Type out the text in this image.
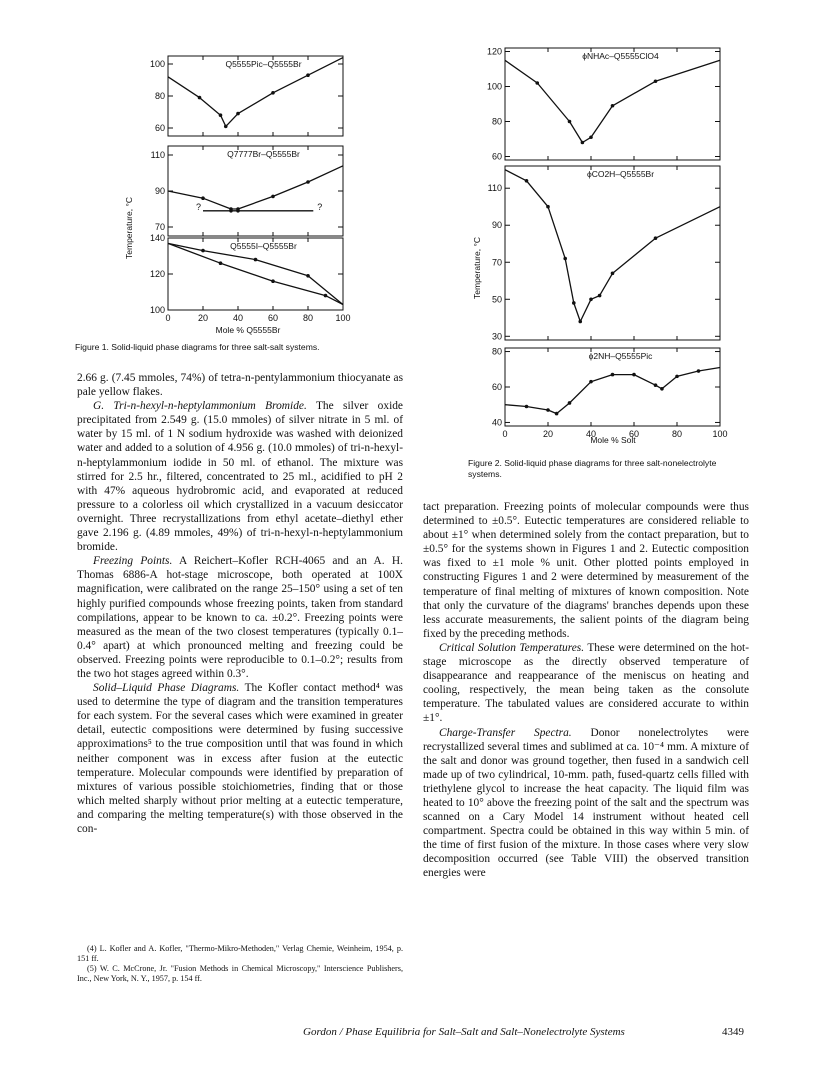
Temperature, °C
100
80
60
Q5555Pic–Q5555Br
110
90
70
Q7777Br–Q5555Br
?	?
140
120
100
0	20	40	60	80 100
Q5555I–Q5555Br
Mole % Q5555Br
Figure 1. Solid-liquid phase diagrams for three salt-salt systems.
Temperature, °C
120
100
80
60
ϕNHAc–Q5555ClO4
110
90
70
50
30
ϕCO2H–Q5555Br
80
60
40
0	20	40	60	80	100
ϕ2NH–Q5555Pic
Mole % Solt
Figure 2. Solid-liquid phase diagrams for three salt-nonelectrolyte systems.

2.66 g. (7.45 mmoles, 74%) of tetra-n-pentylammonium thiocyanate as pale yellow flakes.

G. Tri-n-hexyl-n-heptylammonium Bromide. The silver oxide precipitated from 2.549 g. (15.0 mmoles) of silver nitrate in 5 ml. of water by 15 ml. of 1 N sodium hydroxide was washed with deionized water and added to a solution of 4.956 g. (10.0 mmoles) of tri-n-hexyl-n-heptylammonium iodide in 50 ml. of ethanol. The mixture was stirred for 2.5 hr., filtered, concentrated to 25 ml., acidified to pH 2 with 47% aqueous hydrobromic acid, and evaporated at reduced pressure to a colorless oil which crystallized in a vacuum desiccator overnight. Three recrystallizations from ethyl acetate–diethyl ether gave 2.196 g. (4.89 mmoles, 49%) of tri-n-hexyl-n-heptylammonium bromide.

Freezing Points. A Reichert–Kofler RCH-4065 and an A. H. Thomas 6886-A hot-stage microscope, both operated at 100X magnification, were calibrated on the range 25–150° using a set of ten highly purified compounds whose freezing points, taken from standard compilations, appear to be known to ca. ±0.2°. Freezing points were measured as the mean of the two closest temperatures (typically 0.1–0.4° apart) at which pronounced melting and freezing could be observed. Freezing points were reproducible to 0.1–0.2°; results from the two hot stages agreed within 0.3°.

Solid–Liquid Phase Diagrams. The Kofler contact method⁴ was used to determine the type of diagram and the transition temperatures for each system. For the several cases which were examined in greater detail, eutectic compositions were determined by fusing successive approximations⁵ to the true composition until that was found in which neither component was in excess after fusion at the eutectic temperature. Molecular compounds were identified by preparation of mixtures of various possible stoichiometries, finding that or those which melted sharply without prior melting at a eutectic temperature, and comparing the melting temperature(s) with those observed in the con-

(4) L. Kofler and A. Kofler, "Thermo-Mikro-Methoden," Verlag Chemie, Weinheim, 1954, p. 151 ff.

(5) W. C. McCrone, Jr. "Fusion Methods in Chemical Microscopy," Interscience Publishers, Inc., New York, N. Y., 1957, p. 154 ff.

tact preparation. Freezing points of molecular compounds were thus determined to ±0.5°. Eutectic temperatures are considered reliable to about ±1° when determined solely from the contact preparation, but to ±0.5° for the systems shown in Figures 1 and 2. Eutectic composition was fixed to ±1 mole % unit. Other plotted points employed in constructing Figures 1 and 2 were determined by measurement of the temperature of final melting of mixtures of known composition. Note that only the curvature of the diagrams' branches depends upon these less accurate measurements, the salient points of the diagram being fixed by the preceding methods.

Critical Solution Temperatures. These were determined on the hot-stage microscope as the directly observed temperature of disappearance and reappearance of the meniscus on heating and cooling, respectively, the mean being taken as the consolute temperature. The tabulated values are considered accurate to within ±1°.

Charge-Transfer Spectra. Donor nonelectrolytes were recrystallized several times and sublimed at ca. 10⁻⁴ mm. A mixture of the salt and donor was ground together, then fused in a sandwich cell made up of two cylindrical, 10-mm. path, fused-quartz cells filled with triethylene glycol to increase the heat capacity. The liquid film was heated to 10° above the freezing point of the salt and the spectrum was scanned on a Cary Model 14 instrument without heated cell compartment. Spectra could be obtained in this way within 5 min. of the time of first fusion of the mixture. In those cases where very slow decomposition occurred (see Table VIII) the observed transition energies were

Gordon / Phase Equilibria for Salt–Salt and Salt–Nonelectrolyte Systems	4349
